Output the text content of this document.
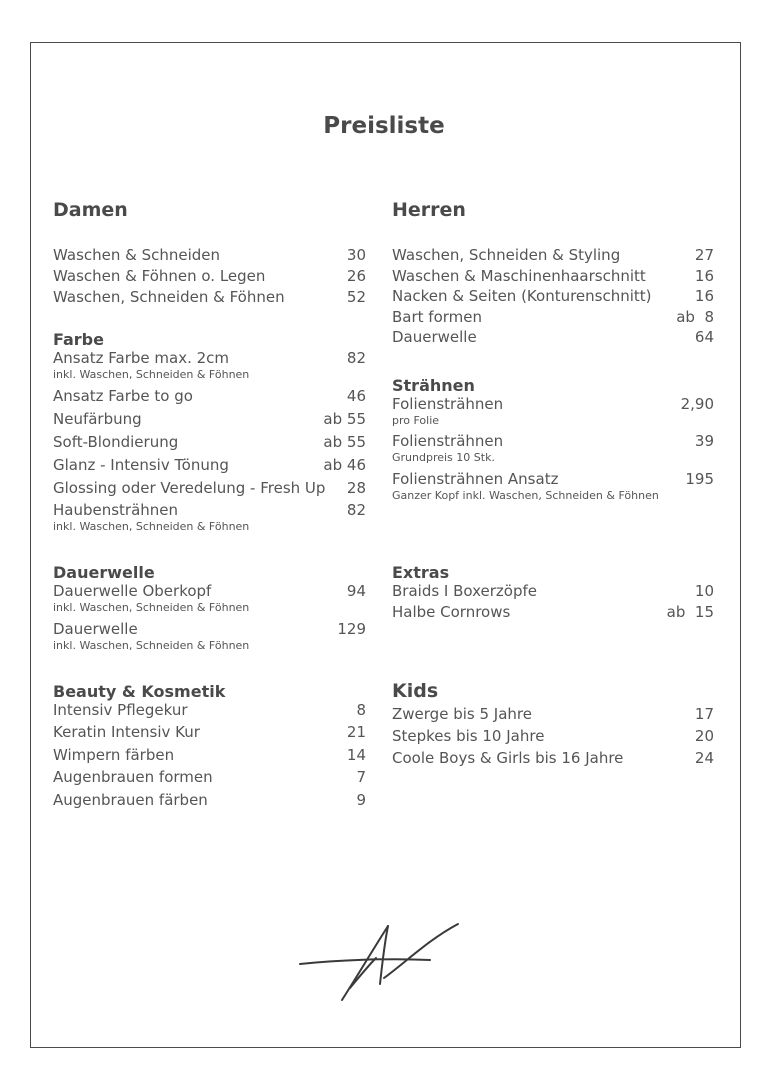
Preisliste
Damen
Waschen & Schneiden	30
Waschen & Föhnen o. Legen	26
Waschen, Schneiden & Föhnen	52
Farbe
Ansatz Farbe max. 2cm	82
inkl. Waschen, Schneiden & Föhnen
Ansatz Farbe to go	46
Neufärbung	ab 55
Soft-Blondierung	ab 55
Glanz - Intensiv Tönung	ab 46
Glossing oder Veredelung - Fresh Up	28
Haubensträhnen	82
inkl. Waschen, Schneiden & Föhnen
Dauerwelle
Dauerwelle Oberkopf	94
inkl. Waschen, Schneiden & Föhnen
Dauerwelle	129
inkl. Waschen, Schneiden & Föhnen
Beauty & Kosmetik
Intensiv Pflegekur	8
Keratin Intensiv Kur	21
Wimpern färben	14
Augenbrauen formen	7
Augenbrauen färben	9
Herren
Waschen, Schneiden & Styling	27
Waschen & Maschinenhaarschnitt	16
Nacken & Seiten (Konturenschnitt)	16
Bart formen	ab  8
Dauerwelle	64
Strähnen
Foliensträhnen	2,90
pro Folie
Foliensträhnen	39
Grundpreis 10 Stk.
Foliensträhnen Ansatz	195
Ganzer Kopf inkl. Waschen, Schneiden & Föhnen
Extras
Braids I Boxerzöpfe	10
Halbe Cornrows	ab  15
Kids
Zwerge bis 5 Jahre	17
Stepkes bis 10 Jahre	20
Coole Boys & Girls bis 16 Jahre	24
